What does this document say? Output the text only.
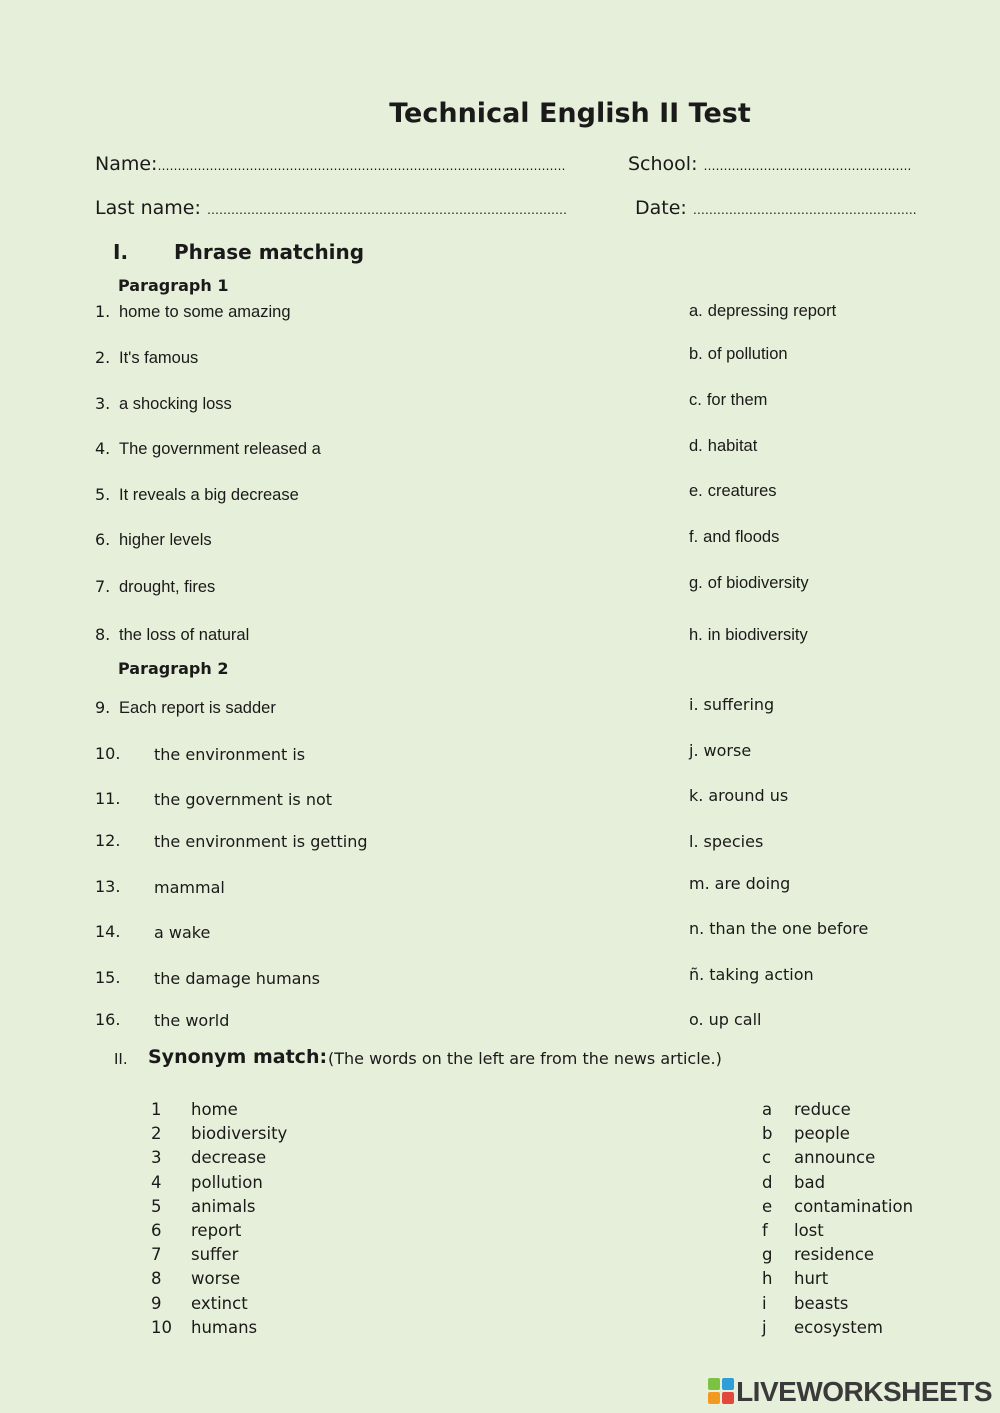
Technical English II Test
Name:…………………………………………………………………………………………	School: …………………………………………….
Last name: ………………………………………………………………………………	Date: ………………………………………………..
I. Phrase matching
Paragraph 1
Paragraph 2
1. home to some amazing
2. It's famous
3. a shocking loss
4. The government released a
5. It reveals a big decrease
6. higher levels
7. drought, fires
8. the loss of natural
9. Each report is sadder
10. the environment is
11. the government is not
12. the environment is getting
13. mammal
14. a wake
15. the damage humans
16. the world
a. depressing report
b. of pollution
c. for them
d. habitat
e. creatures
f. and floods
g. of biodiversity
h. in biodiversity
i. suffering
j. worse
k. around us
l. species
m. are doing
n. than the one before
ñ. taking action
o. up call
II. Synonym match: (The words on the left are from the news article.)
1 home
2 biodiversity
3 decrease
4 pollution
5 animals
6 report
7 suffer
8 worse
9 extinct
10 humans
a reduce
b people
c announce
d bad
e contamination
f lost
g residence
h hurt
i beasts
j ecosystem
LIVEWORKSHEETS
